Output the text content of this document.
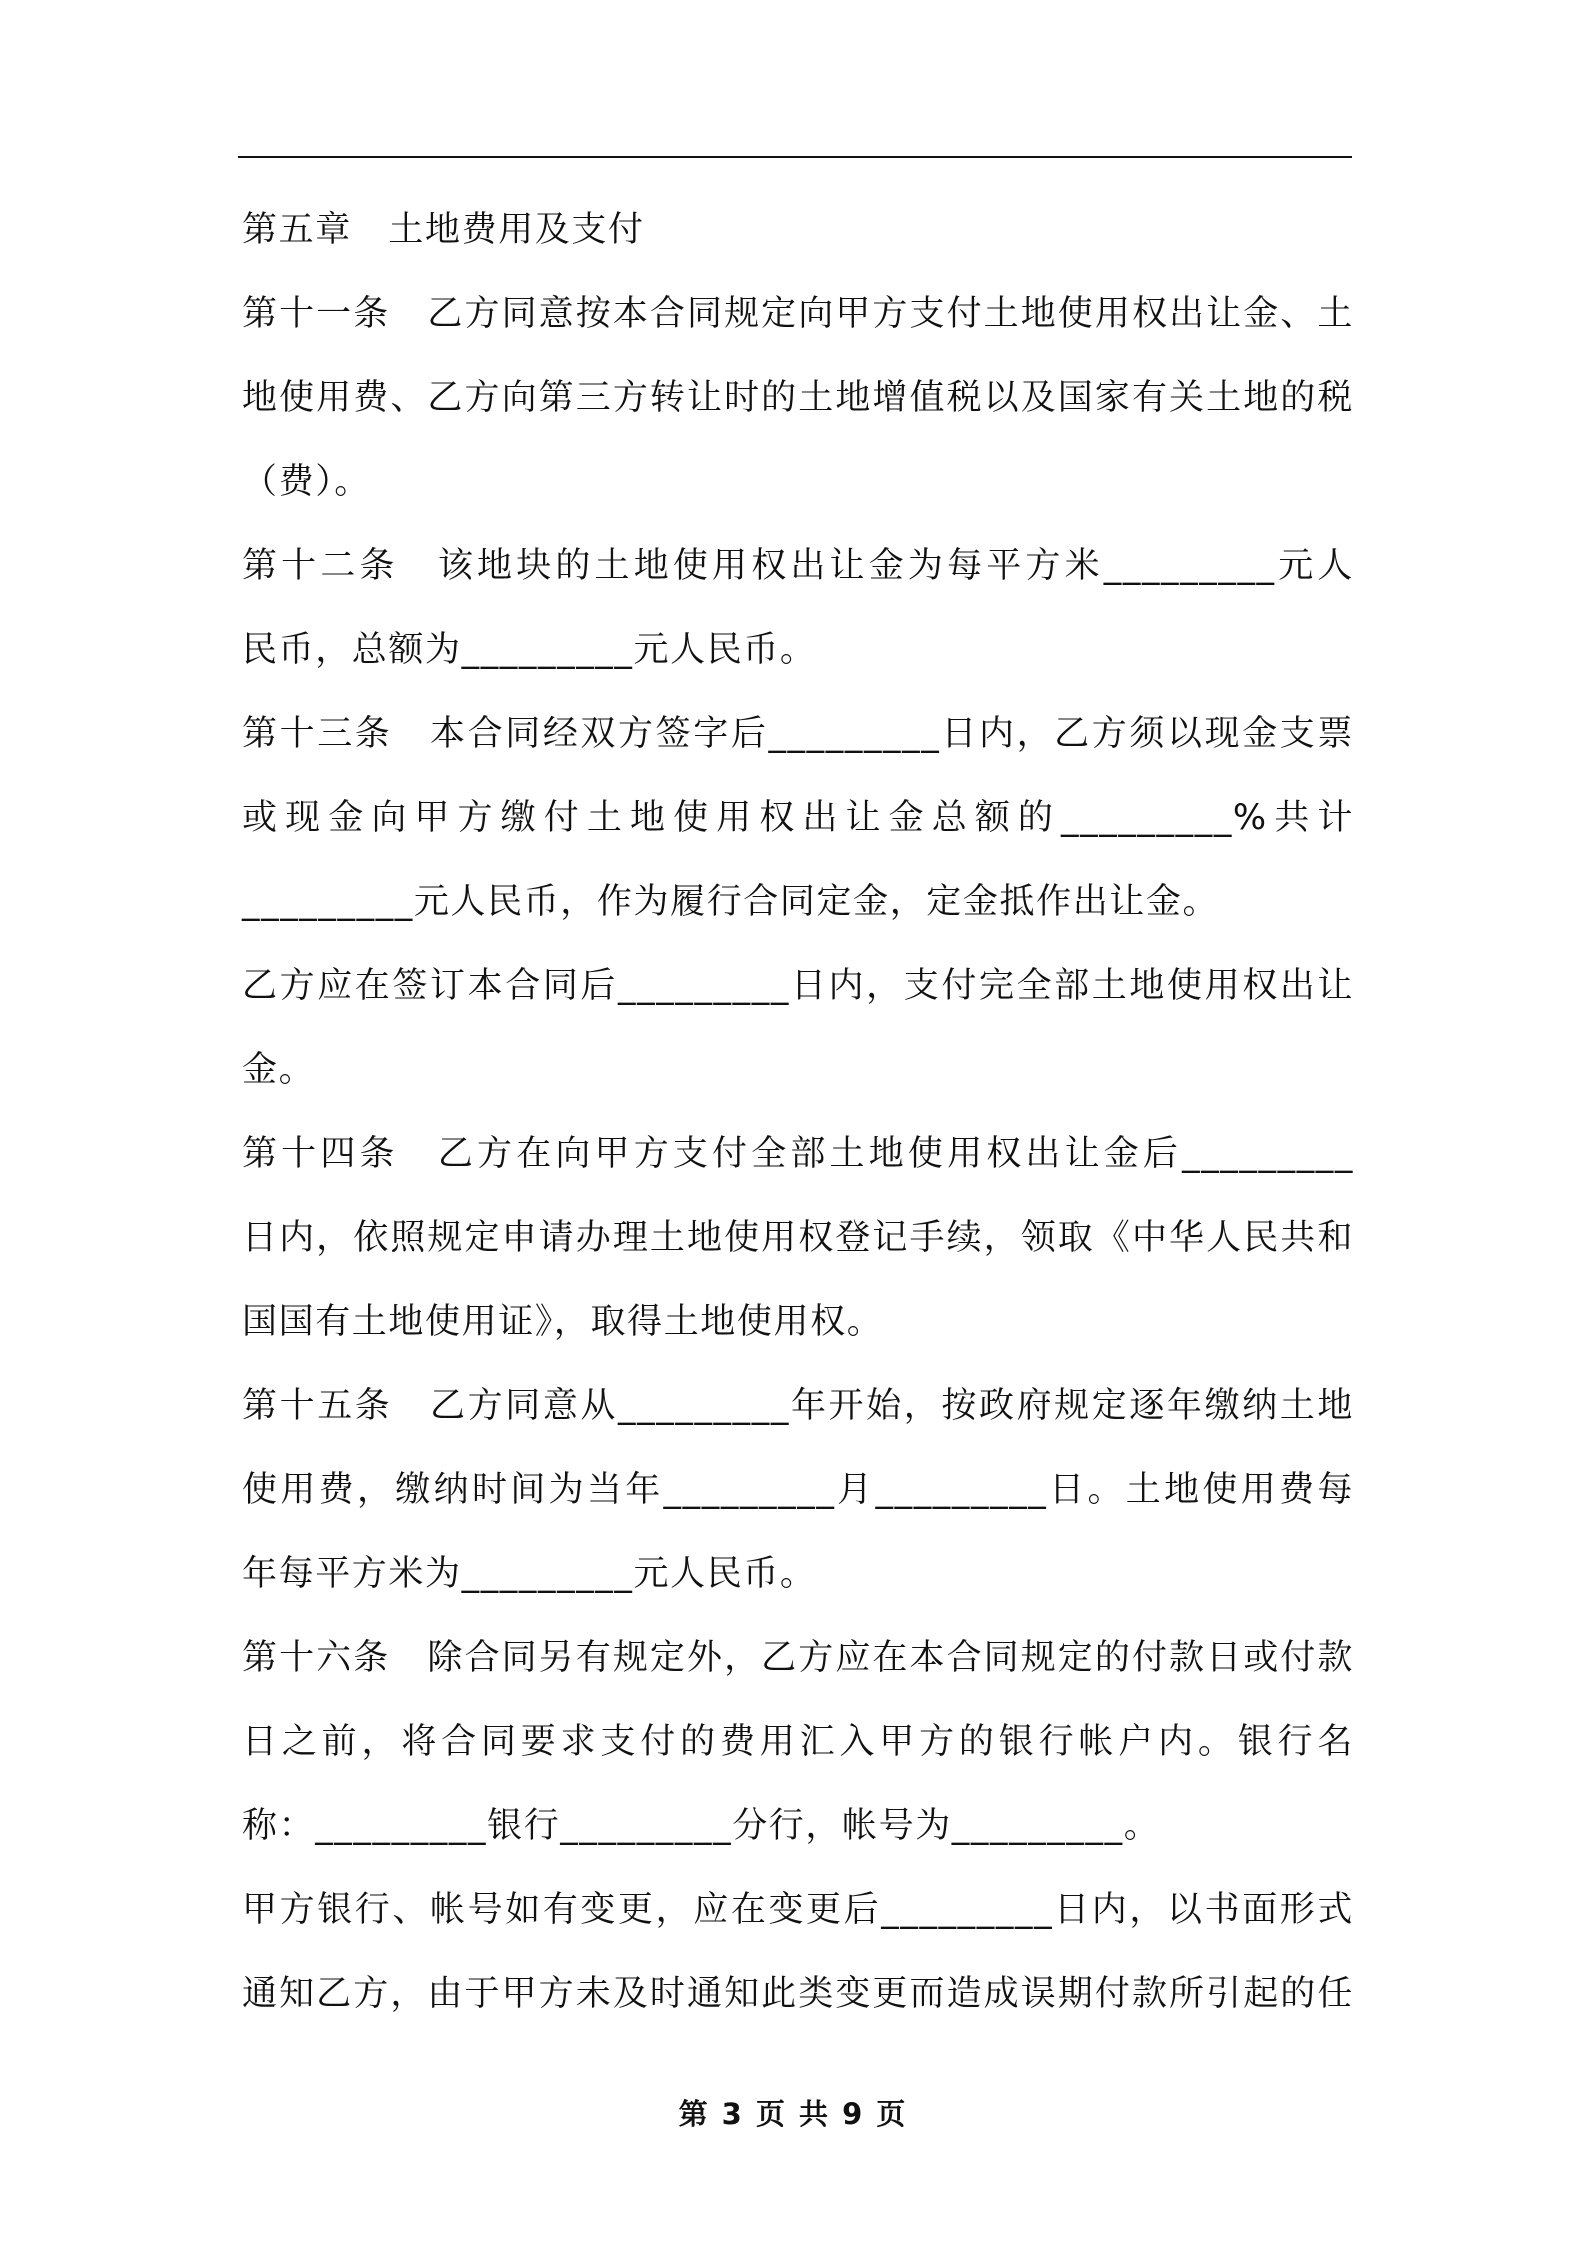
第五章　土地费用及支付
第十一条　乙方同意按本合同规定向甲方支付土地使用权出让金、土
地使用费、乙方向第三方转让时的土地增值税以及国家有关土地的税
（费）。
第十二条　该地块的土地使用权出让金为每平方米_________元人
民币，总额为_________元人民币。
第十三条　本合同经双方签字后_________日内，乙方须以现金支票
或现金向甲方缴付土地使用权出让金总额的_________%共计
_________元人民币，作为履行合同定金，定金抵作出让金。
乙方应在签订本合同后_________日内，支付完全部土地使用权出让
金。
第十四条　乙方在向甲方支付全部土地使用权出让金后_________
日内，依照规定申请办理土地使用权登记手续，领取《中华人民共和
国国有土地使用证》，取得土地使用权。
第十五条　乙方同意从_________年开始，按政府规定逐年缴纳土地
使用费，缴纳时间为当年_________月_________日。土地使用费每
年每平方米为_________元人民币。
第十六条　除合同另有规定外，乙方应在本合同规定的付款日或付款
日之前，将合同要求支付的费用汇入甲方的银行帐户内。银行名
称：_________银行_________分行，帐号为_________。
甲方银行、帐号如有变更，应在变更后_________日内，以书面形式
通知乙方，由于甲方未及时通知此类变更而造成误期付款所引起的任
第 3 页 共 9 页
